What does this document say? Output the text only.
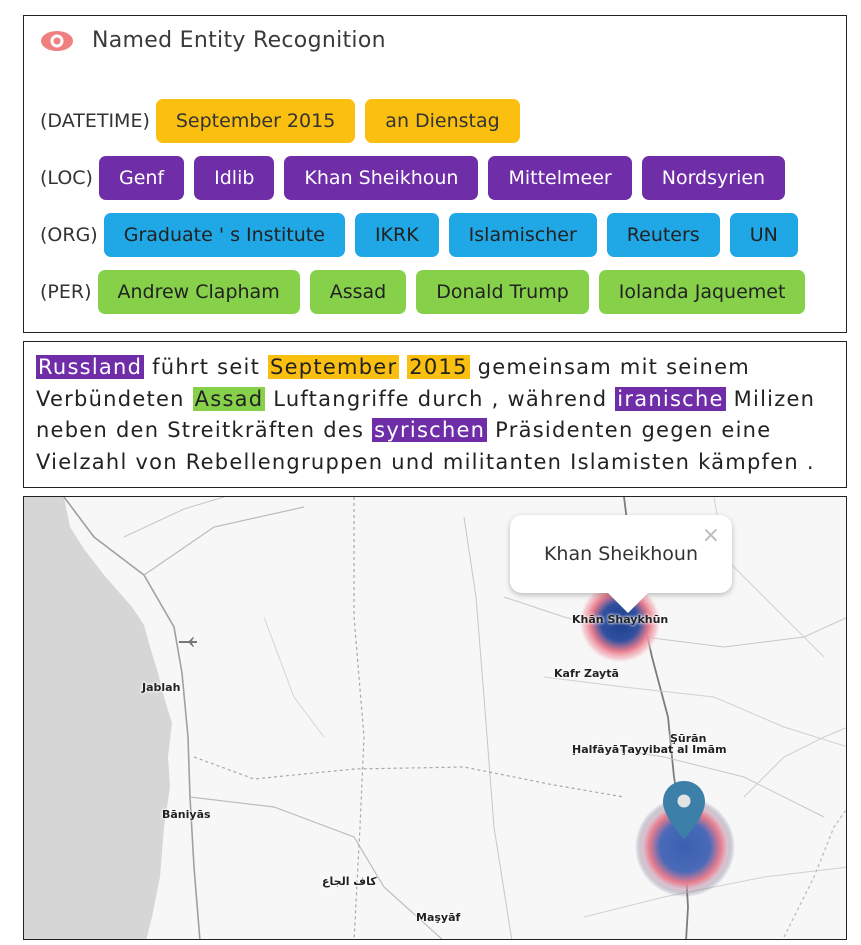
Named Entity Recognition
(DATETIME)	September 2015	an Dienstag
(LOC)	Genf	Idlib	Khan Sheikhoun	Mittelmeer	Nordsyrien
(ORG)	Graduate ' s Institute	IKRK	Islamischer	Reuters	UN
(PER)	Andrew Clapham	Assad	Donald Trump	Iolanda Jaquemet
Russland führt seit September 2015 gemeinsam mit seinem Verbündeten Assad Luftangriffe durch , während iranische Milizen neben den Streitkräften des syrischen Präsidenten gegen eine Vielzahl von Rebellengruppen und militanten Islamisten kämpfen .
Jablah
Bāniyās
كاف الجاع
Maşyāf
Kafr Zaytā
Şūrān
Ḩalfāyā Ţayyibat al Imām
Khān Shaykhūn
Khan Sheikhoun
×
